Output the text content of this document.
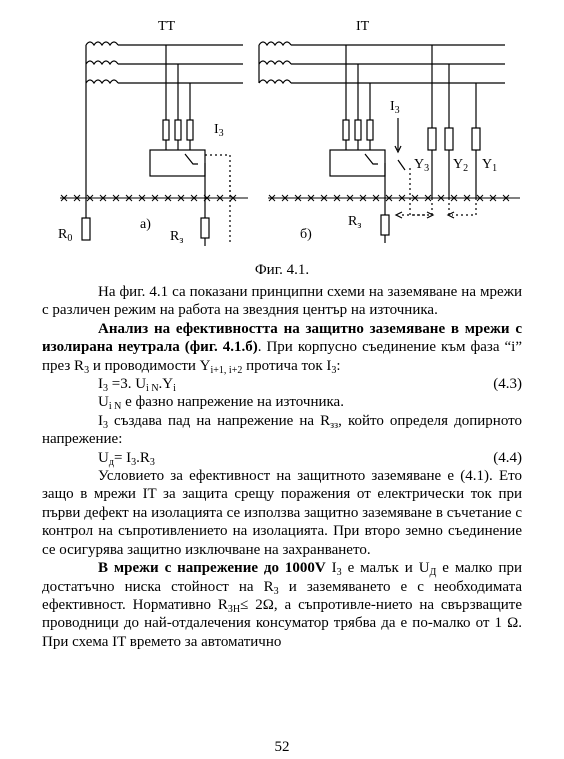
TT	IT
а)
б)
$R_0$	$R_з$
$R_з$
$I_3$
$I_3$
$Y_3$ $Y_2$ $Y_1$
Фиг. 4.1.

На фиг. 4.1 са показани принципни схеми на заземяване на мрежи с различен режим на работа на звездния център на източника.

Анализ на ефективността на защитно заземяване в мрежи с изолирана неутрала (фиг. 4.1.б). При корпусно съединение към фаза “i” през $R_3$ и проводимости $Y_{i+1, i+2}$ протича ток $I_3$:

$I_3 =3$. $U_{i N}.Y_i$	(4.3)

$U_{i N}$ е фазно напрежение на източника.

$I_3$ създава пад на напрежение на $R_{зз}$, който определя допирното напрежение:

$U_д= I_3.R_3$	(4.4)

Условието за ефективност на защитното заземяване е (4.1). Ето защо в мрежи IT за защита срещу поражения от електрически ток при първи дефект на изолацията се използва защитно заземяване в съчетание с контрол на съпротивлението на изолацията. При второ земно съединение се осигурява защитно изключване на захранването.

В мрежи с напрежение до 1000V $I_3$ е малък и $U_Д$ е малко при достатъчно ниска стойност на $R_3$ и заземяването е с необходимата ефективност. Нормативно $R_{ЗН}\le 2\Omega$, а съпротивле-нието на свързващите проводници до най-отдалечения консуматор трябва да е по-малко от 1 Ω. При схема IT времето за автоматично

52
